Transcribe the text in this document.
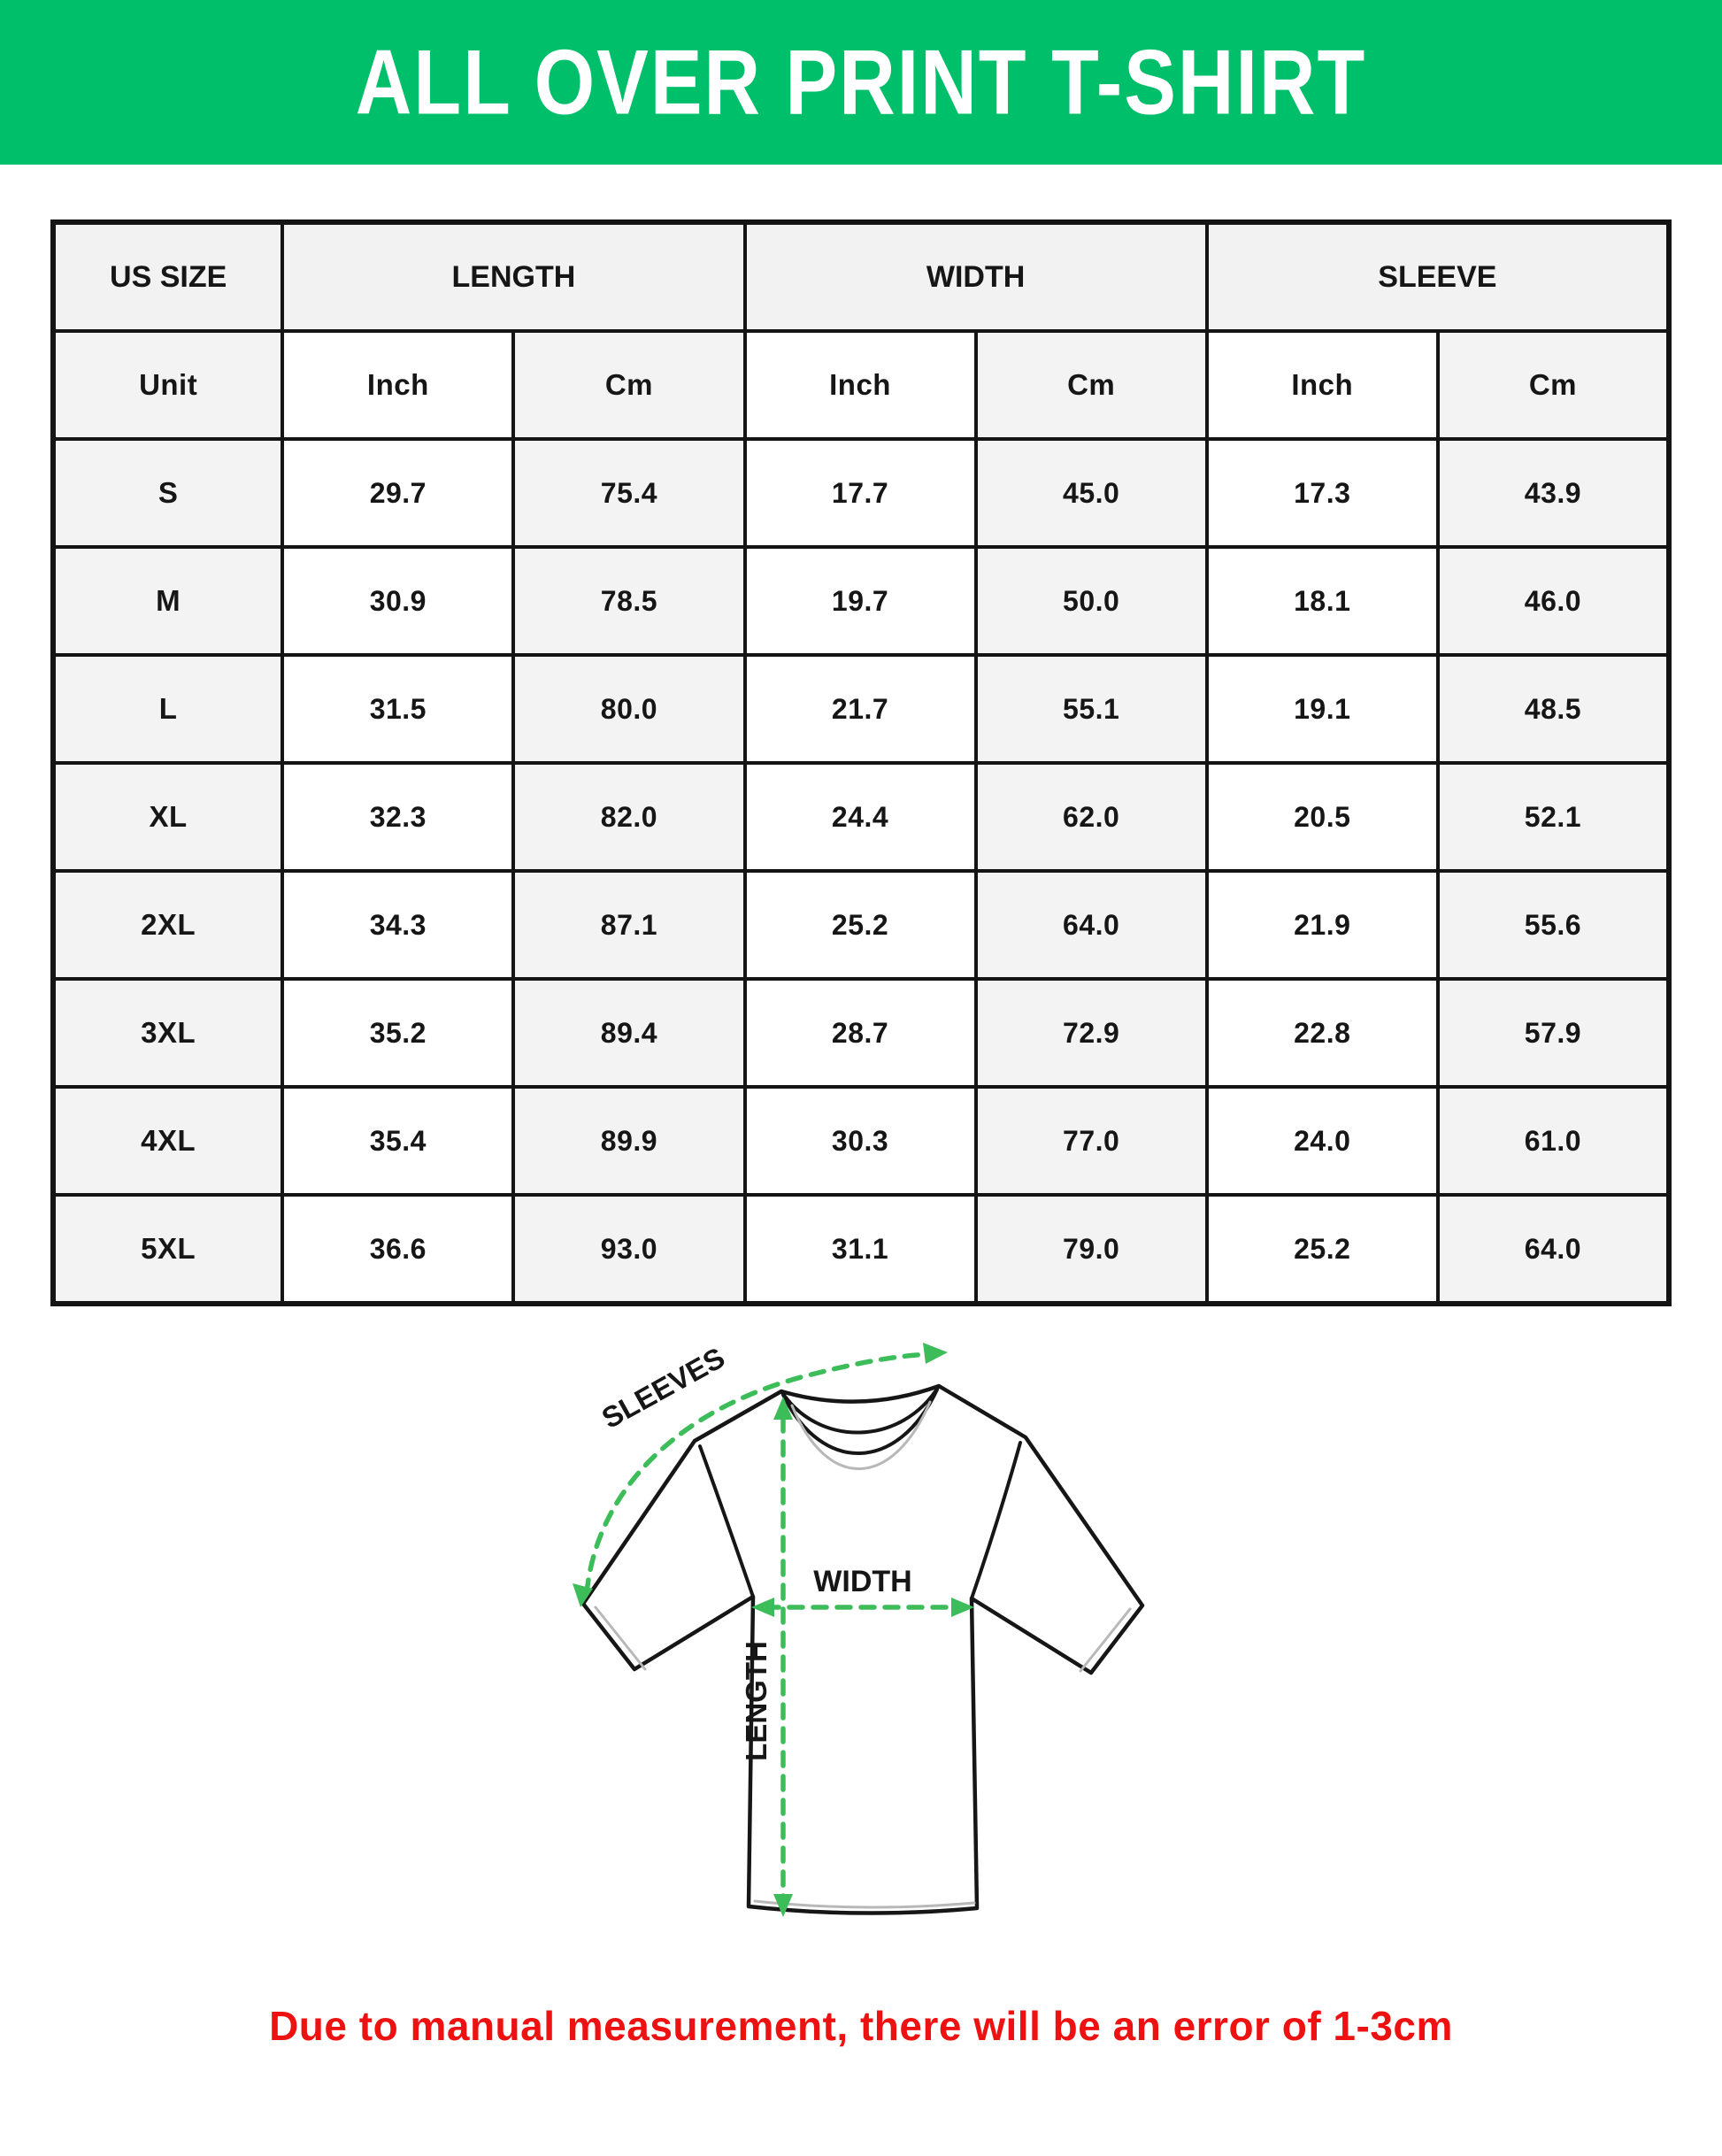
ALL OVER PRINT T-SHIRT
US SIZE	LENGTH		WIDTH		SLEEVE	
Unit	Inch	Cm	Inch	Cm	Inch	Cm
S	29.7	75.4	17.7	45.0	17.3	43.9
M	30.9	78.5	19.7	50.0	18.1	46.0
L	31.5	80.0	21.7	55.1	19.1	48.5
XL	32.3	82.0	24.4	62.0	20.5	52.1
2XL	34.3	87.1	25.2	64.0	21.9	55.6
3XL	35.2	89.4	28.7	72.9	22.8	57.9
4XL	35.4	89.9	30.3	77.0	24.0	61.0
5XL	36.6	93.0	31.1	79.0	25.2	64.0
SLEEVES
LENGTH
WIDTH
Due to manual measurement, there will be an error of 1-3cm
